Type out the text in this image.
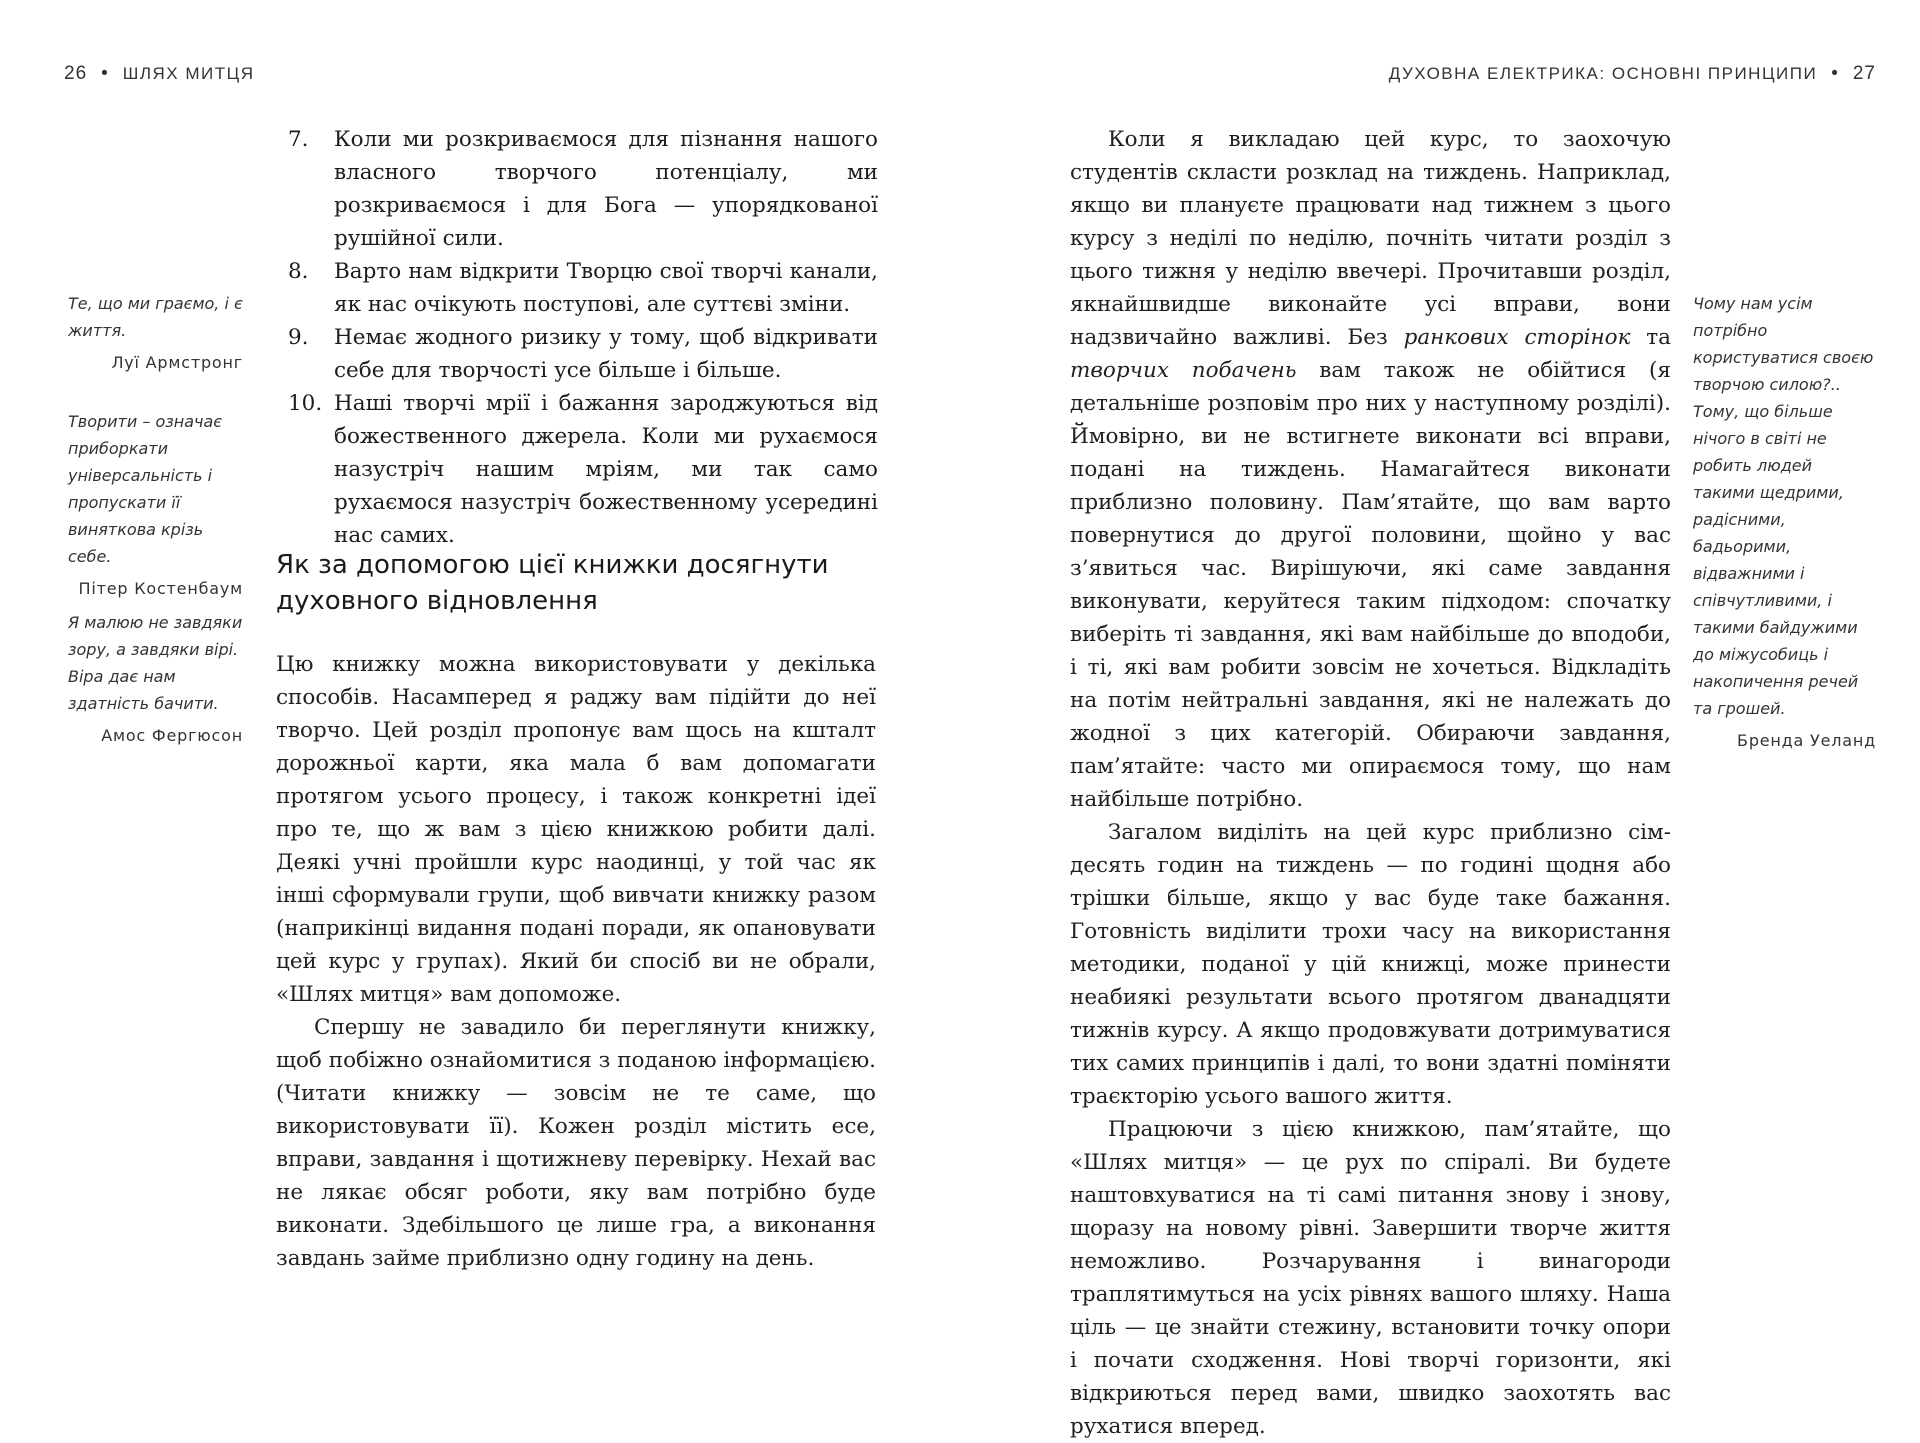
26 • ШЛЯХ МИТЦЯ
Те, що ми граємо, і є життя.
Луї Армстронг
Творити – означає приборкати універсальність і пропускати її виняткова крізь себе.
Пітер Костенбаум
Я малюю не завдяки зору, а завдяки вірі. Віра дає нам здатність бачити.
Амос Фергюсон
7.	Коли ми розкриваємося для пізнання нашого власного творчого потенціалу, ми розкриваємося і для Бога — упорядкованої рушійної сили.
8.	Варто нам відкрити Творцю свої творчі канали, як нас очікують поступові, але суттєві зміни.
9.	Немає жодного ризику у тому, щоб відкривати себе для творчості усе більше і більше.
10. Наші творчі мрії і бажання зароджуються від божественного джерела. Коли ми рухаємося назустріч нашим мріям, ми так само рухаємося назустріч божественному усередині нас самих.
Як за допомогою цієї книжки досягнути духовного відновлення

Цю книжку можна використовувати у декілька способів. Насамперед я раджу вам підійти до неї творчо. Цей розділ пропонує вам щось на кшталт дорожньої карти, яка мала б вам допомагати протягом усього процесу, і також конкретні ідеї про те, що ж вам з цією книжкою робити далі. Деякі учні пройшли курс наодинці, у той час як інші сформували групи, щоб вивчати книжку разом (наприкінці видання подані поради, як опановувати цей курс у групах). Який би спосіб ви не обрали, «Шлях митця» вам допоможе.

Спершу не завадило би переглянути книжку, щоб побіжно ознайомитися з поданою інформацією. (Читати книжку — зовсім не те саме, що використовувати її). Кожен розділ містить есе, вправи, завдання і щотижневу перевірку. Нехай вас не лякає обсяг роботи, яку вам потрібно буде виконати. Здебільшого це лише гра, а виконання завдань займе приблизно одну годину на день.

ДУХОВНА ЕЛЕКТРИКА: ОСНОВНІ ПРИНЦИПИ • 27

Коли я викладаю цей курс, то заохочую студентів скласти розклад на тиждень. Наприклад, якщо ви плануєте працювати над тижнем з цього курсу з неділі по неділю, почніть читати розділ з цього тижня у неділю ввечері. Прочитавши розділ, якнайшвидше виконайте усі вправи, вони надзвичайно важливі. Без ранкових сторінок та творчих побачень вам також не обійтися (я детальніше розповім про них у наступному розділі). Ймовірно, ви не встигнете виконати всі вправи, подані на тиждень. Намагайтеся виконати приблизно половину. Пам’ятайте, що вам варто повернутися до другої половини, щойно у вас з’явиться час. Вирішуючи, які саме завдання виконувати, керуйтеся таким підходом: спочатку виберіть ті завдання, які вам найбільше до вподоби, і ті, які вам робити зовсім не хочеться. Відкладіть на потім нейтральні завдання, які не належать до жодної з цих категорій. Обираючи завдання, пам’ятайте: часто ми опираємося тому, що нам найбільше потрібно.

Загалом виділіть на цей курс приблизно сім-десять годин на тиждень — по годині щодня або трішки більше, якщо у вас буде таке бажання. Готовність виділити трохи часу на використання методики, поданої у цій книжці, може принести неабиякі результати всього протягом дванадцяти тижнів курсу. А якщо продовжувати дотримуватися тих самих принципів і далі, то вони здатні поміняти траєкторію усього вашого життя.

Працюючи з цією книжкою, пам’ятайте, що «Шлях митця» — це рух по спіралі. Ви будете наштовхуватися на ті самі питання знову і знову, щоразу на новому рівні. Завершити творче життя неможливо. Розчарування і винагороди траплятимуться на усіх рівнях вашого шляху. Наша ціль — це знайти стежину, встановити точку опори і почати сходження. Нові творчі горизонти, які відкриються перед вами, швидко заохотять вас рухатися вперед.

Чому нам усім потрібно користуватися своєю творчою силою?.. Тому, що більше нічого в світі не робить людей такими щедрими, радісними, бадьорими, відважними і співчутливими, і такими байдужими до міжусобиць і накопичення речей та грошей.
Бренда Уеланд
